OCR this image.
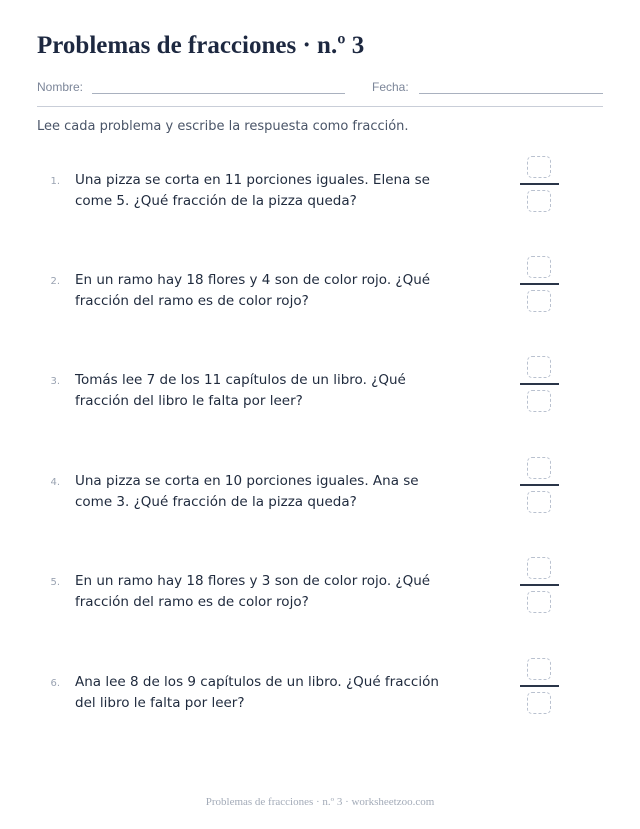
Problemas de fracciones · n.º 3
Nombre:	Fecha:
Lee cada problema y escribe la respuesta como fracción.
1. Una pizza se corta en 11 porciones iguales. Elena se come 5. ¿Qué fracción de la pizza queda?
2. En un ramo hay 18 flores y 4 son de color rojo. ¿Qué fracción del ramo es de color rojo?
3. Tomás lee 7 de los 11 capítulos de un libro. ¿Qué fracción del libro le falta por leer?
4. Una pizza se corta en 10 porciones iguales. Ana se come 3. ¿Qué fracción de la pizza queda?
5. En un ramo hay 18 flores y 3 son de color rojo. ¿Qué fracción del ramo es de color rojo?
6. Ana lee 8 de los 9 capítulos de un libro. ¿Qué fracción del libro le falta por leer?
Problemas de fracciones · n.º 3 · worksheetzoo.com
